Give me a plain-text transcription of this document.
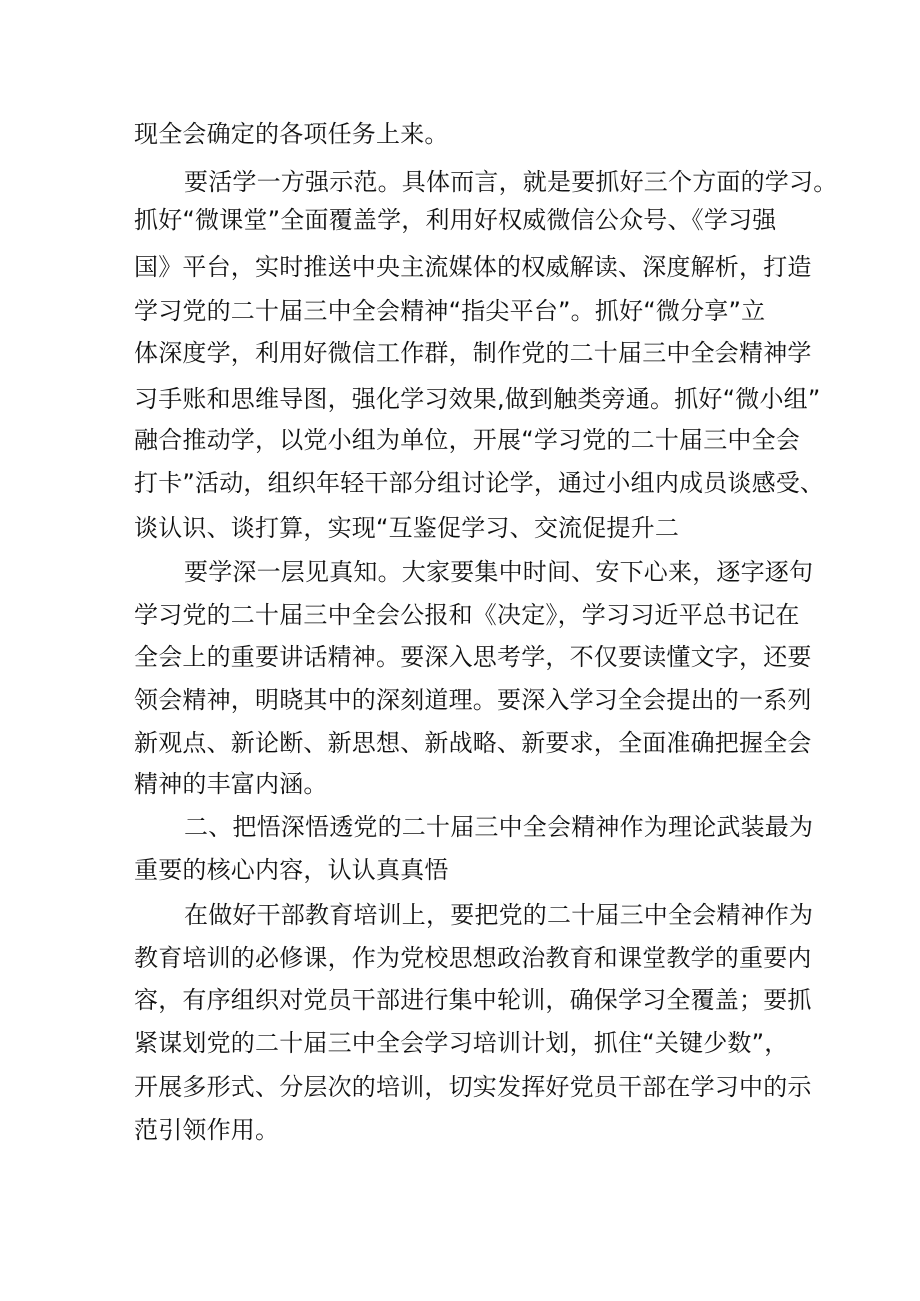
现全会确定的各项任务上来。
要活学一方强示范。具体而言，就是要抓好三个方面的学习。
抓好“微课堂”全面覆盖学，利用好权威微信公众号、《学习强
国》平台，实时推送中央主流媒体的权威解读、深度解析，打造
学习党的二十届三中全会精神“指尖平台”。抓好“微分享”立
体深度学，利用好微信工作群，制作党的二十届三中全会精神学
习手账和思维导图，强化学习效果,做到触类旁通。抓好“微小组”
融合推动学，以党小组为单位，开展“学习党的二十届三中全会
打卡”活动，组织年轻干部分组讨论学，通过小组内成员谈感受、
谈认识、谈打算，实现“互鉴促学习、交流促提升二
要学深一层见真知。大家要集中时间、安下心来，逐字逐句
学习党的二十届三中全会公报和《决定》，学习习近平总书记在
全会上的重要讲话精神。要深入思考学，不仅要读懂文字，还要
领会精神，明晓其中的深刻道理。要深入学习全会提出的一系列
新观点、新论断、新思想、新战略、新要求，全面准确把握全会
精神的丰富内涵。
二、把悟深悟透党的二十届三中全会精神作为理论武装最为
重要的核心内容，认认真真悟
在做好干部教育培训上，要把党的二十届三中全会精神作为
教育培训的必修课，作为党校思想政治教育和课堂教学的重要内
容，有序组织对党员干部进行集中轮训，确保学习全覆盖；要抓
紧谋划党的二十届三中全会学习培训计划，抓住“关键少数”，
开展多形式、分层次的培训，切实发挥好党员干部在学习中的示
范引领作用。
